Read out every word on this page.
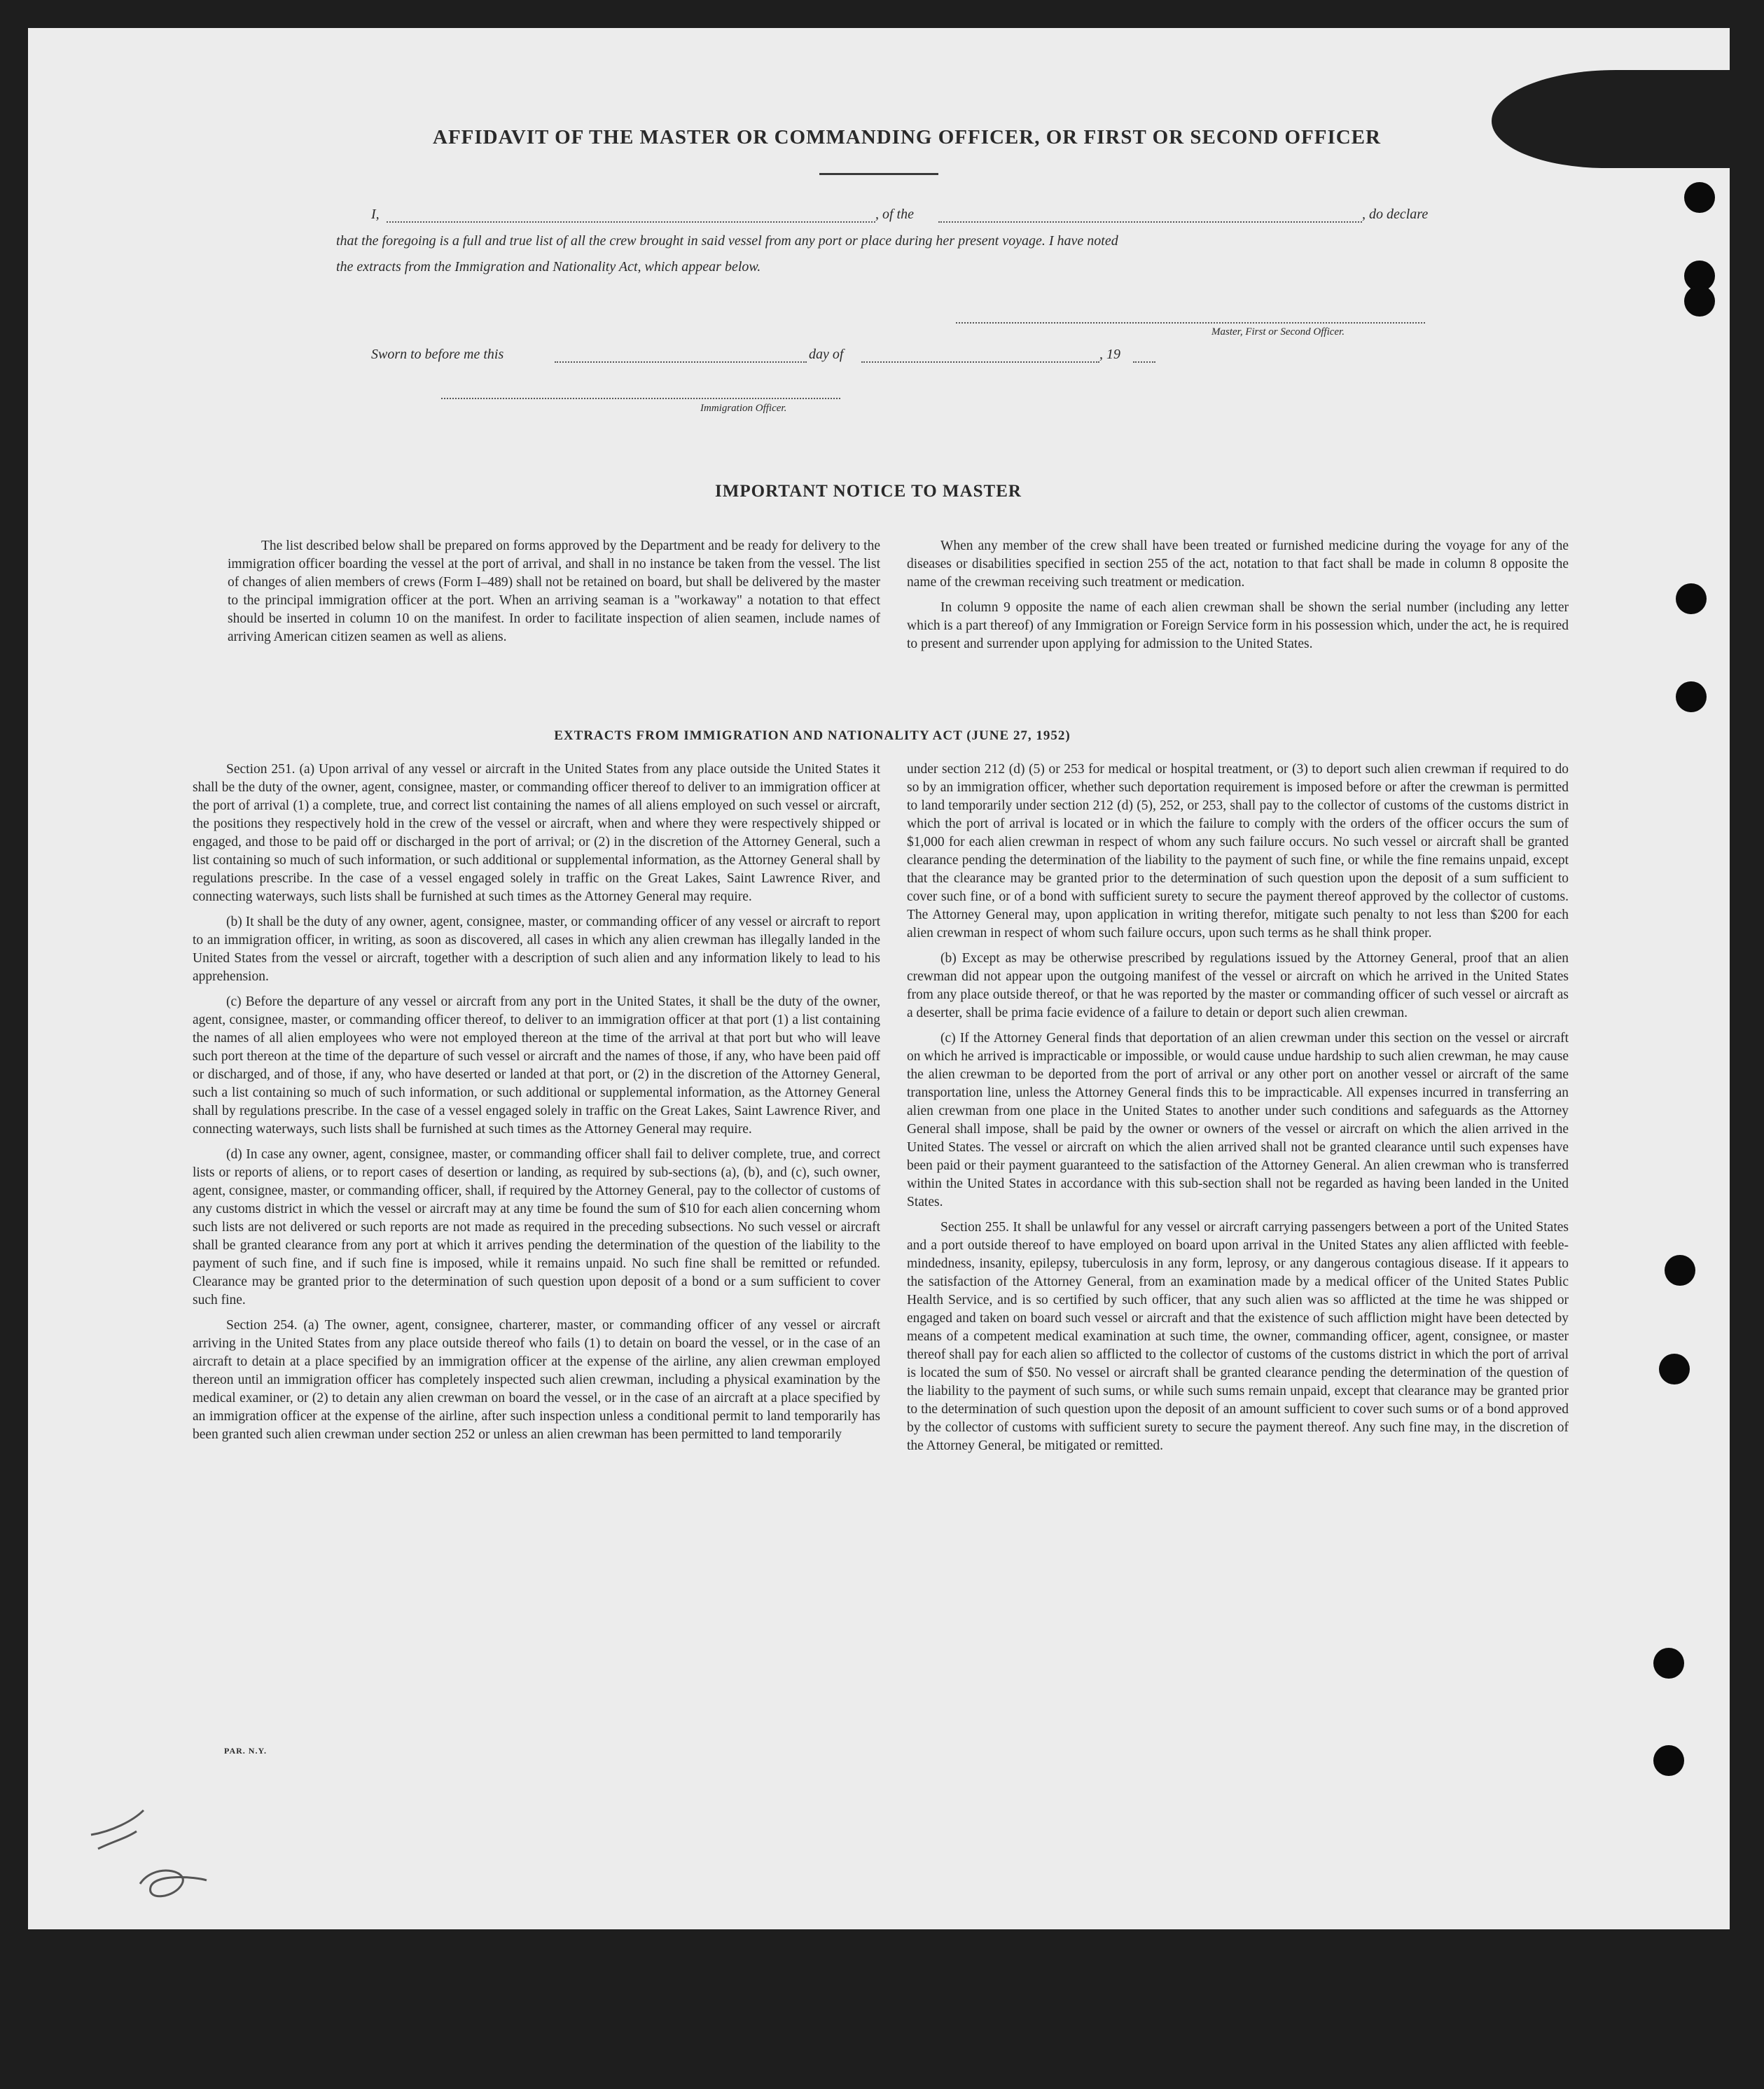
AFFIDAVIT OF THE MASTER OR COMMANDING OFFICER, OR FIRST OR SECOND OFFICER
I,	, of the	, do declare
that the foregoing is a full and true list of all the crew brought in said vessel from any port or place during her present voyage. I have noted
the extracts from the Immigration and Nationality Act, which appear below.
Master, First or Second Officer.
Sworn to before me this	day of	, 19
Immigration Officer.
IMPORTANT NOTICE TO MASTER

The list described below shall be prepared on forms approved by the Department and be ready for delivery to the immigration officer boarding the vessel at the port of arrival, and shall in no instance be taken from the vessel. The list of changes of alien members of crews (Form I–489) shall not be retained on board, but shall be delivered by the master to the principal immigration officer at the port. When an arriving seaman is a "workaway" a notation to that effect should be inserted in column 10 on the manifest. In order to facilitate inspection of alien seamen, include names of arriving American citizen seamen as well as aliens.

When any member of the crew shall have been treated or furnished medicine during the voyage for any of the diseases or disabilities specified in section 255 of the act, notation to that fact shall be made in column 8 opposite the name of the crewman receiving such treatment or medication.

In column 9 opposite the name of each alien crewman shall be shown the serial number (including any letter which is a part thereof) of any Immigration or Foreign Service form in his possession which, under the act, he is required to present and surrender upon applying for admission to the United States.

EXTRACTS FROM IMMIGRATION AND NATIONALITY ACT (JUNE 27, 1952)

Section 251. (a) Upon arrival of any vessel or aircraft in the United States from any place outside the United States it shall be the duty of the owner, agent, consignee, master, or commanding officer thereof to deliver to an immigration officer at the port of arrival (1) a complete, true, and correct list containing the names of all aliens employed on such vessel or aircraft, the positions they respectively hold in the crew of the vessel or aircraft, when and where they were respectively shipped or engaged, and those to be paid off or discharged in the port of arrival; or (2) in the discretion of the Attorney General, such a list containing so much of such information, or such additional or supplemental information, as the Attorney General shall by regulations prescribe. In the case of a vessel engaged solely in traffic on the Great Lakes, Saint Lawrence River, and connecting waterways, such lists shall be furnished at such times as the Attorney General may require.

(b) It shall be the duty of any owner, agent, consignee, master, or commanding officer of any vessel or aircraft to report to an immigration officer, in writing, as soon as discovered, all cases in which any alien crewman has illegally landed in the United States from the vessel or aircraft, together with a description of such alien and any information likely to lead to his apprehension.

(c) Before the departure of any vessel or aircraft from any port in the United States, it shall be the duty of the owner, agent, consignee, master, or commanding officer thereof, to deliver to an immigration officer at that port (1) a list containing the names of all alien employees who were not employed thereon at the time of the arrival at that port but who will leave such port thereon at the time of the departure of such vessel or aircraft and the names of those, if any, who have been paid off or discharged, and of those, if any, who have deserted or landed at that port, or (2) in the discretion of the Attorney General, such a list containing so much of such information, or such additional or supplemental information, as the Attorney General shall by regulations prescribe. In the case of a vessel engaged solely in traffic on the Great Lakes, Saint Lawrence River, and connecting waterways, such lists shall be furnished at such times as the Attorney General may require.

(d) In case any owner, agent, consignee, master, or commanding officer shall fail to deliver complete, true, and correct lists or reports of aliens, or to report cases of desertion or landing, as required by sub-sections (a), (b), and (c), such owner, agent, consignee, master, or commanding officer, shall, if required by the Attorney General, pay to the collector of customs of any customs district in which the vessel or aircraft may at any time be found the sum of $10 for each alien concerning whom such lists are not delivered or such reports are not made as required in the preceding subsections. No such vessel or aircraft shall be granted clearance from any port at which it arrives pending the determination of the question of the liability to the payment of such fine, and if such fine is imposed, while it remains unpaid. No such fine shall be remitted or refunded. Clearance may be granted prior to the determination of such question upon deposit of a bond or a sum sufficient to cover such fine.

Section 254. (a) The owner, agent, consignee, charterer, master, or commanding officer of any vessel or aircraft arriving in the United States from any place outside thereof who fails (1) to detain on board the vessel, or in the case of an aircraft to detain at a place specified by an immigration officer at the expense of the airline, any alien crewman employed thereon until an immigration officer has completely inspected such alien crewman, including a physical examination by the medical examiner, or (2) to detain any alien crewman on board the vessel, or in the case of an aircraft at a place specified by an immigration officer at the expense of the airline, after such inspection unless a conditional permit to land temporarily has been granted such alien crewman under section 252 or unless an alien crewman has been permitted to land temporarily

under section 212 (d) (5) or 253 for medical or hospital treatment, or (3) to deport such alien crewman if required to do so by an immigration officer, whether such deportation requirement is imposed before or after the crewman is permitted to land temporarily under section 212 (d) (5), 252, or 253, shall pay to the collector of customs of the customs district in which the port of arrival is located or in which the failure to comply with the orders of the officer occurs the sum of $1,000 for each alien crewman in respect of whom any such failure occurs. No such vessel or aircraft shall be granted clearance pending the determination of the liability to the payment of such fine, or while the fine remains unpaid, except that the clearance may be granted prior to the determination of such question upon the deposit of a sum sufficient to cover such fine, or of a bond with sufficient surety to secure the payment thereof approved by the collector of customs. The Attorney General may, upon application in writing therefor, mitigate such penalty to not less than $200 for each alien crewman in respect of whom such failure occurs, upon such terms as he shall think proper.

(b) Except as may be otherwise prescribed by regulations issued by the Attorney General, proof that an alien crewman did not appear upon the outgoing manifest of the vessel or aircraft on which he arrived in the United States from any place outside thereof, or that he was reported by the master or commanding officer of such vessel or aircraft as a deserter, shall be prima facie evidence of a failure to detain or deport such alien crewman.

(c) If the Attorney General finds that deportation of an alien crewman under this section on the vessel or aircraft on which he arrived is impracticable or impossible, or would cause undue hardship to such alien crewman, he may cause the alien crewman to be deported from the port of arrival or any other port on another vessel or aircraft of the same transportation line, unless the Attorney General finds this to be impracticable. All expenses incurred in transferring an alien crewman from one place in the United States to another under such conditions and safeguards as the Attorney General shall impose, shall be paid by the owner or owners of the vessel or aircraft on which the alien arrived in the United States. The vessel or aircraft on which the alien arrived shall not be granted clearance until such expenses have been paid or their payment guaranteed to the satisfaction of the Attorney General. An alien crewman who is transferred within the United States in accordance with this sub-section shall not be regarded as having been landed in the United States.

Section 255. It shall be unlawful for any vessel or aircraft carrying passengers between a port of the United States and a port outside thereof to have employed on board upon arrival in the United States any alien afflicted with feeble-mindedness, insanity, epilepsy, tuberculosis in any form, leprosy, or any dangerous contagious disease. If it appears to the satisfaction of the Attorney General, from an examination made by a medical officer of the United States Public Health Service, and is so certified by such officer, that any such alien was so afflicted at the time he was shipped or engaged and taken on board such vessel or aircraft and that the existence of such affliction might have been detected by means of a competent medical examination at such time, the owner, commanding officer, agent, consignee, or master thereof shall pay for each alien so afflicted to the collector of customs of the customs district in which the port of arrival is located the sum of $50. No vessel or aircraft shall be granted clearance pending the determination of the question of the liability to the payment of such sums, or while such sums remain unpaid, except that clearance may be granted prior to the determination of such question upon the deposit of an amount sufficient to cover such sums or of a bond approved by the collector of customs with sufficient surety to secure the payment thereof. Any such fine may, in the discretion of the Attorney General, be mitigated or remitted.

PAR. N.Y.
